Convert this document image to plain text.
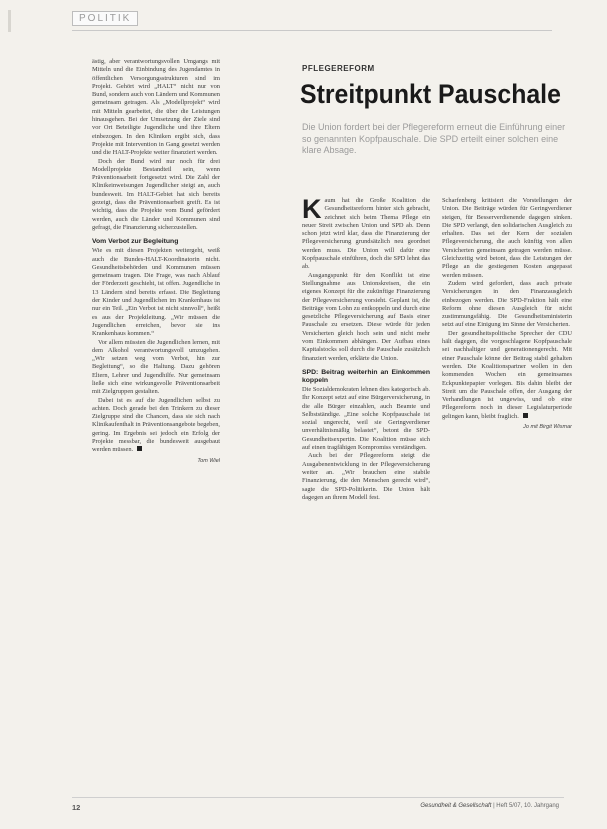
POLITIK

ästig, aber verantwortungsvollen Umgangs mit Mitteln und die Einbindung des Jugendamtes in öffentlichen Versorgungsstrukturen sind im Projekt. Gehört wird „HALT“ nicht nur von Bund, sondern auch von Ländern und Kommunen gemeinsam getragen. Als „Modellprojekt“ wird mit Mitteln gearbeitet, die über die Leistungen hinausgehen. Bei der Umsetzung der Ziele sind vor Ort Beteiligte Jugendliche und ihre Eltern einbezogen. In den Kliniken ergibt sich, dass Projekte mit Intervention in Gang gesetzt werden und die HALT-Projekte weiter finanziert werden.

Doch der Bund wird nur noch für drei Modellprojekte Bestandteil sein, wenn Präventionsarbeit fortgesetzt wird. Die Zahl der Klinikeinweisungen Jugendlicher steigt an, auch bundesweit. Im HALT-Gebiet hat sich bereits gezeigt, dass die Präventionsarbeit greift. Es ist wichtig, dass die Projekte vom Bund gefördert werden, auch die Länder und Kommunen sind gefragt, die Finanzierung sicherzustellen.

Vom Verbot zur Begleitung

Wie es mit diesen Projekten weitergeht, weiß auch die Bundes-HALT-Koordinatorin nicht. Gesundheitsbehörden und Kommunen müssen gemeinsam tragen. Die Frage, was nach Ablauf der Förderzeit geschieht, ist offen. Jugendliche in 13 Ländern sind bereits erfasst. Die Begleitung der Kinder und Jugendlichen im Krankenhaus ist nur ein Teil. „Ein Verbot ist nicht sinnvoll“, heißt es aus der Projektleitung. „Wir müssen die Jugendlichen erreichen, bevor sie ins Krankenhaus kommen.“

Vor allem müssten die Jugendlichen lernen, mit dem Alkohol verantwortungsvoll umzugehen. „Wir setzen weg vom Verbot, hin zur Begleitung“, so die Haltung. Dazu gehören Eltern, Lehrer und Jugendhilfe. Nur gemeinsam ließe sich eine wirkungsvolle Präventionsarbeit mit Zielgruppen gestalten.

Dabei ist es auf die Jugendlichen selbst zu achten. Doch gerade bei den Trinkern zu dieser Zielgruppe sind die Chancen, dass sie sich nach Klinikaufenthalt in Präventionsangebote begeben, gering. Im Ergebnis sei jedoch ein Erfolg der Projekte messbar, die bundesweit ausgebaut werden müssen.

Tom Wiel
PFLEGEREFORM
Streitpunkt Pauschale
Die Union fordert bei der Pflegereform erneut die Einführung einer so genannten Kopfpauschale. Die SPD erteilt einer solchen eine klare Absage.

Kaum hat die Große Koalition die Gesundheitsreform hinter sich gebracht, zeichnet sich beim Thema Pflege ein neuer Streit zwischen Union und SPD ab. Denn schon jetzt wird klar, dass die Finanzierung der Pflegeversicherung grundsätzlich neu geordnet werden muss. Die Union will dafür eine Kopfpauschale einführen, doch die SPD lehnt das ab.

Ausgangspunkt für den Konflikt ist eine Stellungnahme aus Unionskreisen, die ein eigenes Konzept für die zukünftige Finanzierung der Pflegeversicherung vorsieht. Geplant ist, die Beiträge vom Lohn zu entkoppeln und durch eine gesetzliche Pflegeversicherung auf Basis einer Pauschale zu ersetzen. Diese würde für jeden Versicherten gleich hoch sein und nicht mehr vom Einkommen abhängen. Der Aufbau eines Kapitalstocks soll durch die Pauschale zusätzlich finanziert werden, erklärte die Union.

SPD: Beitrag weiterhin an Einkommen koppeln

Die Sozialdemokraten lehnen dies kategorisch ab. Ihr Konzept setzt auf eine Bürgerversicherung, in die alle Bürger einzahlen, auch Beamte und Selbstständige. „Eine solche Kopfpauschale ist sozial ungerecht, weil sie Geringverdiener unverhältnismäßig belastet“, betont die SPD-Gesundheitsexpertin. Die Koalition müsse sich auf einen tragfähigen Kompromiss verständigen.

Auch bei der Pflegereform steigt die Ausgabenentwicklung in der Pflegeversicherung weiter an. „Wir brauchen eine stabile Finanzierung, die den Menschen gerecht wird“, sagte die SPD-Politikerin. Die Union hält dagegen an ihrem Modell fest.

Scharfenberg kritisiert die Vorstellungen der Union. Die Beiträge würden für Geringverdiener steigen, für Besserverdienende dagegen sinken. Die SPD verlangt, den solidarischen Ausgleich zu erhalten. Das sei der Kern der sozialen Pflegeversicherung, die auch künftig von allen Versicherten gemeinsam getragen werden müsse. Gleichzeitig wird betont, dass die Leistungen der Pflege an die gestiegenen Kosten angepasst werden müssen.

Zudem wird gefordert, dass auch private Versicherungen in den Finanzausgleich einbezogen werden. Die SPD-Fraktion hält eine Reform ohne diesen Ausgleich für nicht zustimmungsfähig. Die Gesundheitsministerin setzt auf eine Einigung im Sinne der Versicherten.

Der gesundheitspolitische Sprecher der CDU hält dagegen, die vorgeschlagene Kopfpauschale sei nachhaltiger und generationengerecht. Mit einer Pauschale könne der Beitrag stabil gehalten werden. Die Koalitionspartner wollen in den kommenden Wochen ein gemeinsames Eckpunktepapier vorlegen. Bis dahin bleibt der Streit um die Pauschale offen, der Ausgang der Verhandlungen ist ungewiss, und ob eine Pflegereform noch in dieser Legislaturperiode gelingen kann, bleibt fraglich.

Jo mit Birgit Wismar
12	Gesundheit & Gesellschaft | Heft 5/07, 10. Jahrgang
